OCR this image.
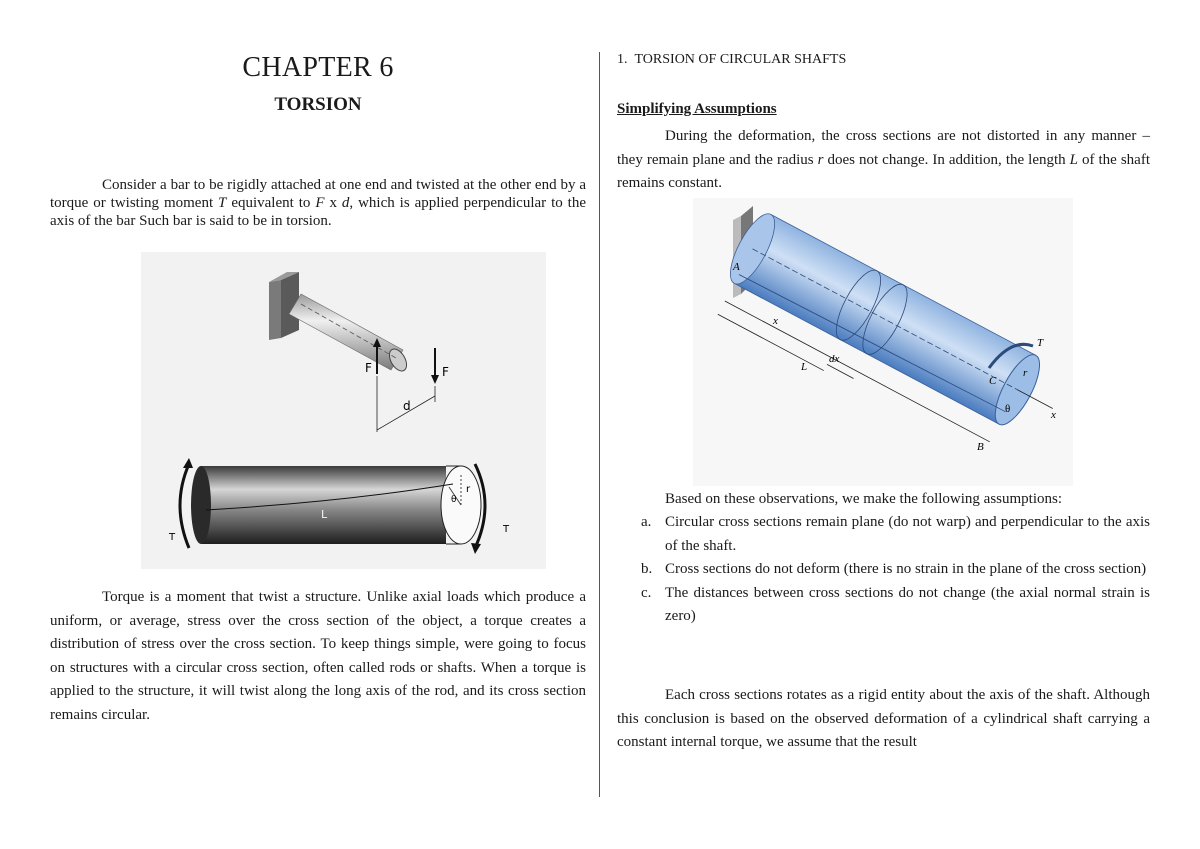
CHAPTER 6
TORSION

Consider a bar to be rigidly attached at one end and twisted at the other end by a torque or twisting moment T equivalent to F x d, which is applied perpendicular to the axis of the bar Such bar is said to be in torsion.

F	F
d
r
θ
L
T
T

Torque is a moment that twist a structure. Unlike axial loads which produce a uniform, or average, stress over the cross section of the object, a torque creates a distribution of stress over the cross section. To keep things simple, were going to focus on structures with a circular cross section, often called rods or shafts. When a torque is applied to the structure, it will twist along the long axis of the rod, and its cross section remains circular.

1.  TORSION OF CIRCULAR SHAFTS
Simplifying Assumptions

During the deformation, the cross sections are not distorted in any manner – they remain plane and the radius r does not change. In addition, the length L of the shaft remains constant.

A
x
dx
L
T
r
C
θ	x
B

Based on these observations, we make the following assumptions:

a. Circular cross sections remain plane (do not warp) and perpendicular to the axis of the shaft.
b. Cross sections do not deform (there is no strain in the plane of the cross section)
c. The distances between cross sections do not change (the axial normal strain is zero)

Each cross sections rotates as a rigid entity about the axis of the shaft. Although this conclusion is based on the observed deformation of a cylindrical shaft carrying a constant internal torque, we assume that the result
